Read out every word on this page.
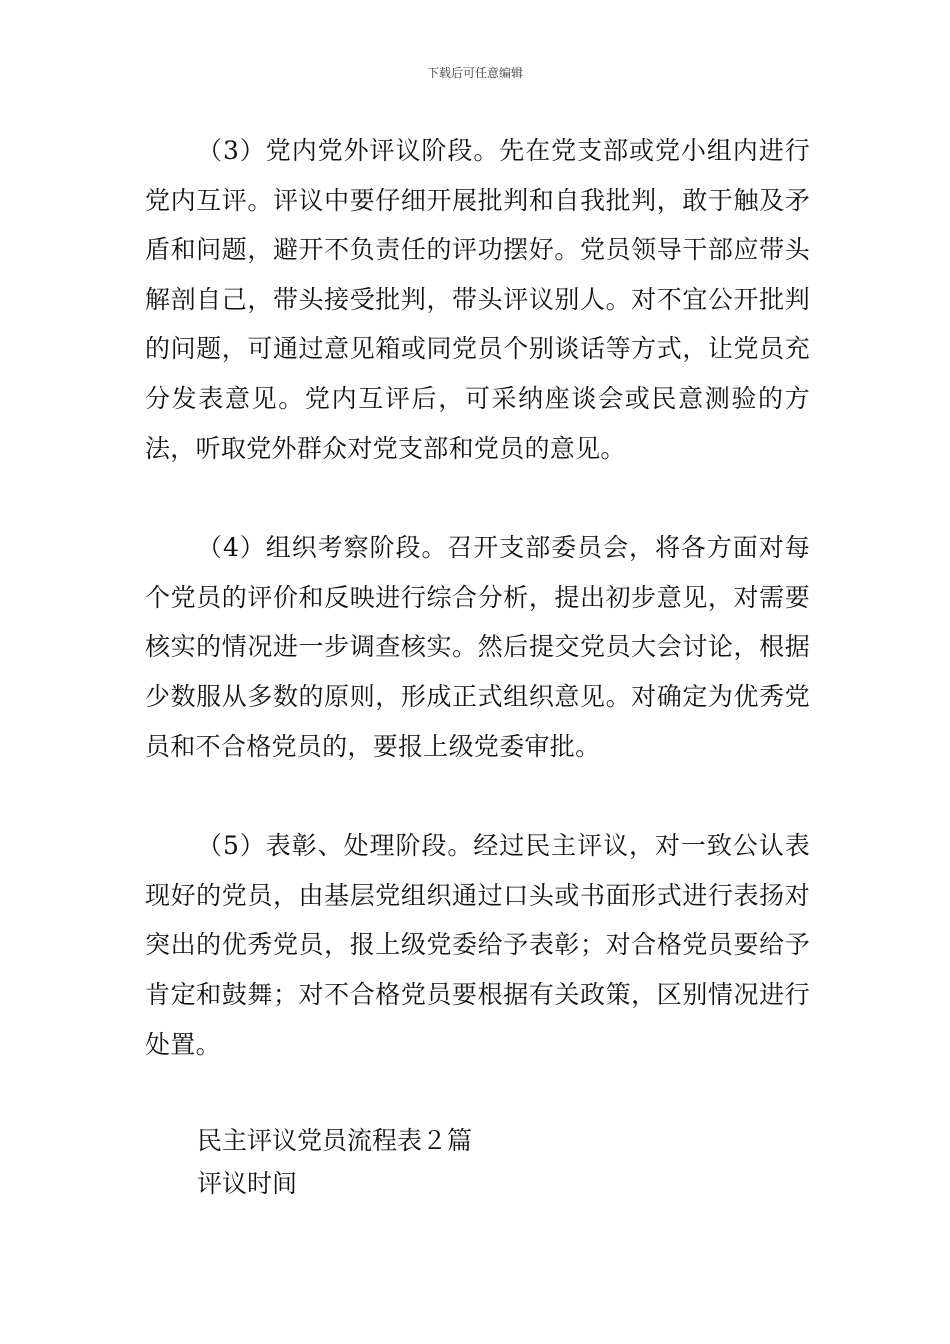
下载后可任意编辑

（3）党内党外评议阶段。先在党支部或党小组内进行党内互评。评议中要仔细开展批判和自我批判，敢于触及矛盾和问题，避开不负责任的评功摆好。党员领导干部应带头解剖自己，带头接受批判，带头评议别人。对不宜公开批判的问题，可通过意见箱或同党员个别谈话等方式，让党员充分发表意见。党内互评后，可采纳座谈会或民意测验的方法，听取党外群众对党支部和党员的意见。

（4）组织考察阶段。召开支部委员会，将各方面对每个党员的评价和反映进行综合分析，提出初步意见，对需要核实的情况进一步调查核实。然后提交党员大会讨论，根据少数服从多数的原则，形成正式组织意见。对确定为优秀党员和不合格党员的，要报上级党委审批。

（5）表彰、处理阶段。经过民主评议，对一致公认表现好的党员，由基层党组织通过口头或书面形式进行表扬对突出的优秀党员，报上级党委给予表彰；对合格党员要给予肯定和鼓舞；对不合格党员要根据有关政策，区别情况进行处置。

民主评议党员流程表２篇

评议时间
